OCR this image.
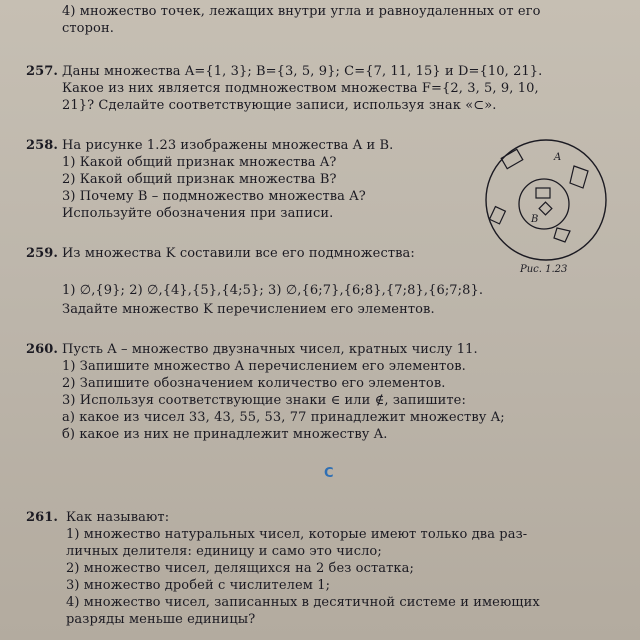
4) множество точек, лежащих внутри угла и равноудаленных от его
сторон.
257. Даны множества A={1, 3}; B={3, 5, 9}; C={7, 11, 15} и D={10, 21}.
Какое из них является подмножеством множества F={2, 3, 5, 9, 10,
21}? Сделайте соответствующие записи, используя знак «⊂».
258. На рисунке 1.23 изображены множества A и B.
1) Какой общий признак множества A?
2) Какой общий признак множества B?
3) Почему B – подмножество множества A?
Используйте обозначения при записи.
A
B
Рис. 1.23
259. Из множества K составили все его подмножества:
1) ∅,{9}; 2) ∅,{4},{5},{4;5}; 3) ∅,{6;7},{6;8},{7;8},{6;7;8}.
Задайте множество K перечислением его элементов.
260. Пусть A – множество двузначных чисел, кратных числу 11.
1) Запишите множество A перечислением его элементов.
2) Запишите обозначением количество его элементов.
3) Используя соответствующие знаки ∈ или ∉, запишите:
а) какое из чисел 33, 43, 55, 53, 77 принадлежит множеству A;
б) какое из них не принадлежит множеству A.
C
261. Как называют:
1) множество натуральных чисел, которые имеют только два раз-
личных делителя: единицу и само это число;
2) множество чисел, делящихся на 2 без остатка;
3) множество дробей с числителем 1;
4) множество чисел, записанных в десятичной системе и имеющих
разряды меньше единицы?
